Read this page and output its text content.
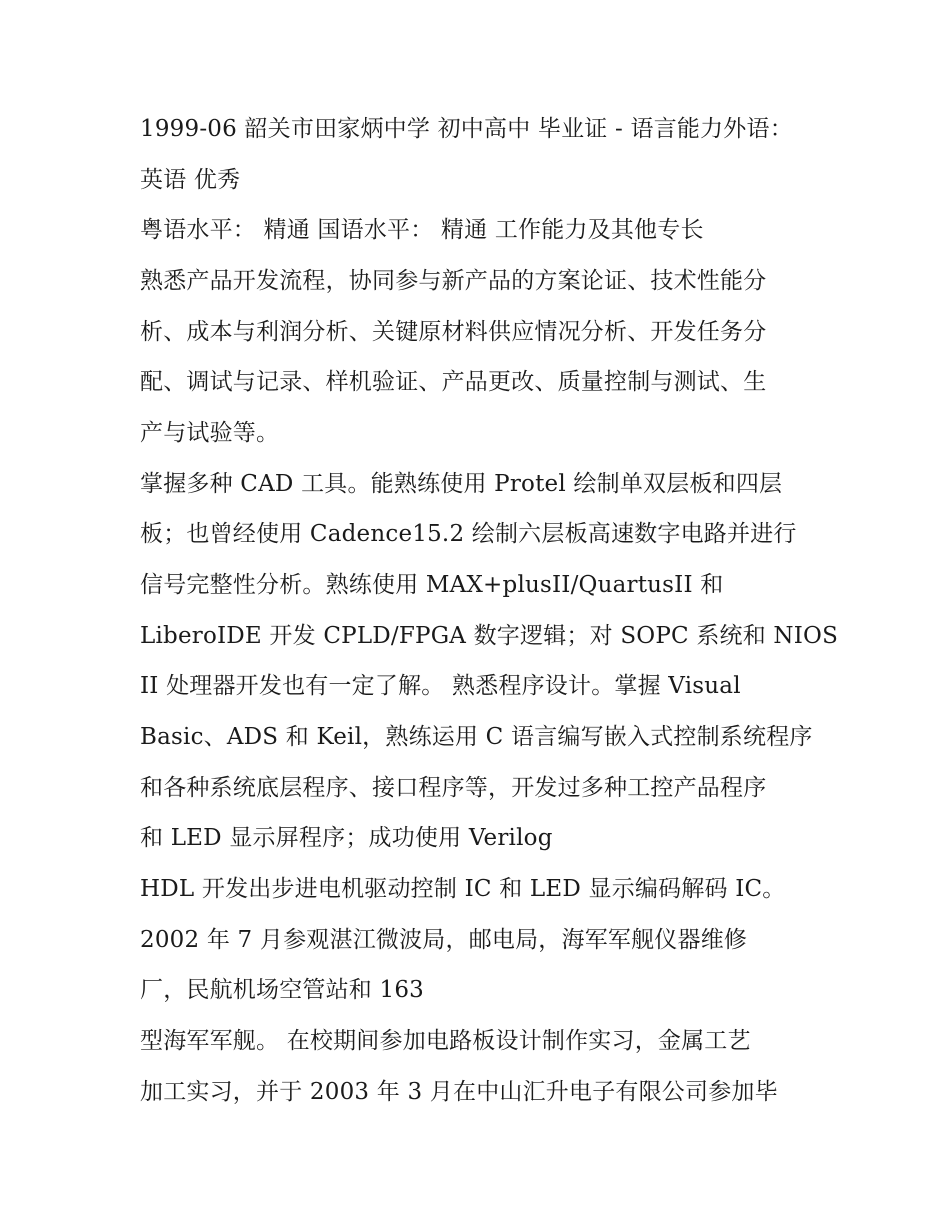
1999-06 韶关市田家炳中学 初中高中 毕业证 - 语言能力外语：

英语 优秀

粤语水平： 精通 国语水平： 精通 工作能力及其他专长

熟悉产品开发流程，协同参与新产品的方案论证、技术性能分

析、成本与利润分析、关键原材料供应情况分析、开发任务分

配、调试与记录、样机验证、产品更改、质量控制与测试、生

产与试验等。

掌握多种 CAD 工具。能熟练使用 Protel 绘制单双层板和四层

板；也曾经使用 Cadence15.2 绘制六层板高速数字电路并进行

信号完整性分析。熟练使用 MAX+plusII/QuartusII 和

LiberoIDE 开发 CPLD/FPGA 数字逻辑；对 SOPC 系统和 NIOS

II 处理器开发也有一定了解。 熟悉程序设计。掌握 Visual

Basic、ADS 和 Keil，熟练运用 C 语言编写嵌入式控制系统程序

和各种系统底层程序、接口程序等，开发过多种工控产品程序

和 LED 显示屏程序；成功使用 Verilog

HDL 开发出步进电机驱动控制 IC 和 LED 显示编码解码 IC。

2002 年 7 月参观湛江微波局，邮电局，海军军舰仪器维修

厂，民航机场空管站和 163

型海军军舰。 在校期间参加电路板设计制作实习，金属工艺

加工实习，并于 2003 年 3 月在中山汇升电子有限公司参加毕
